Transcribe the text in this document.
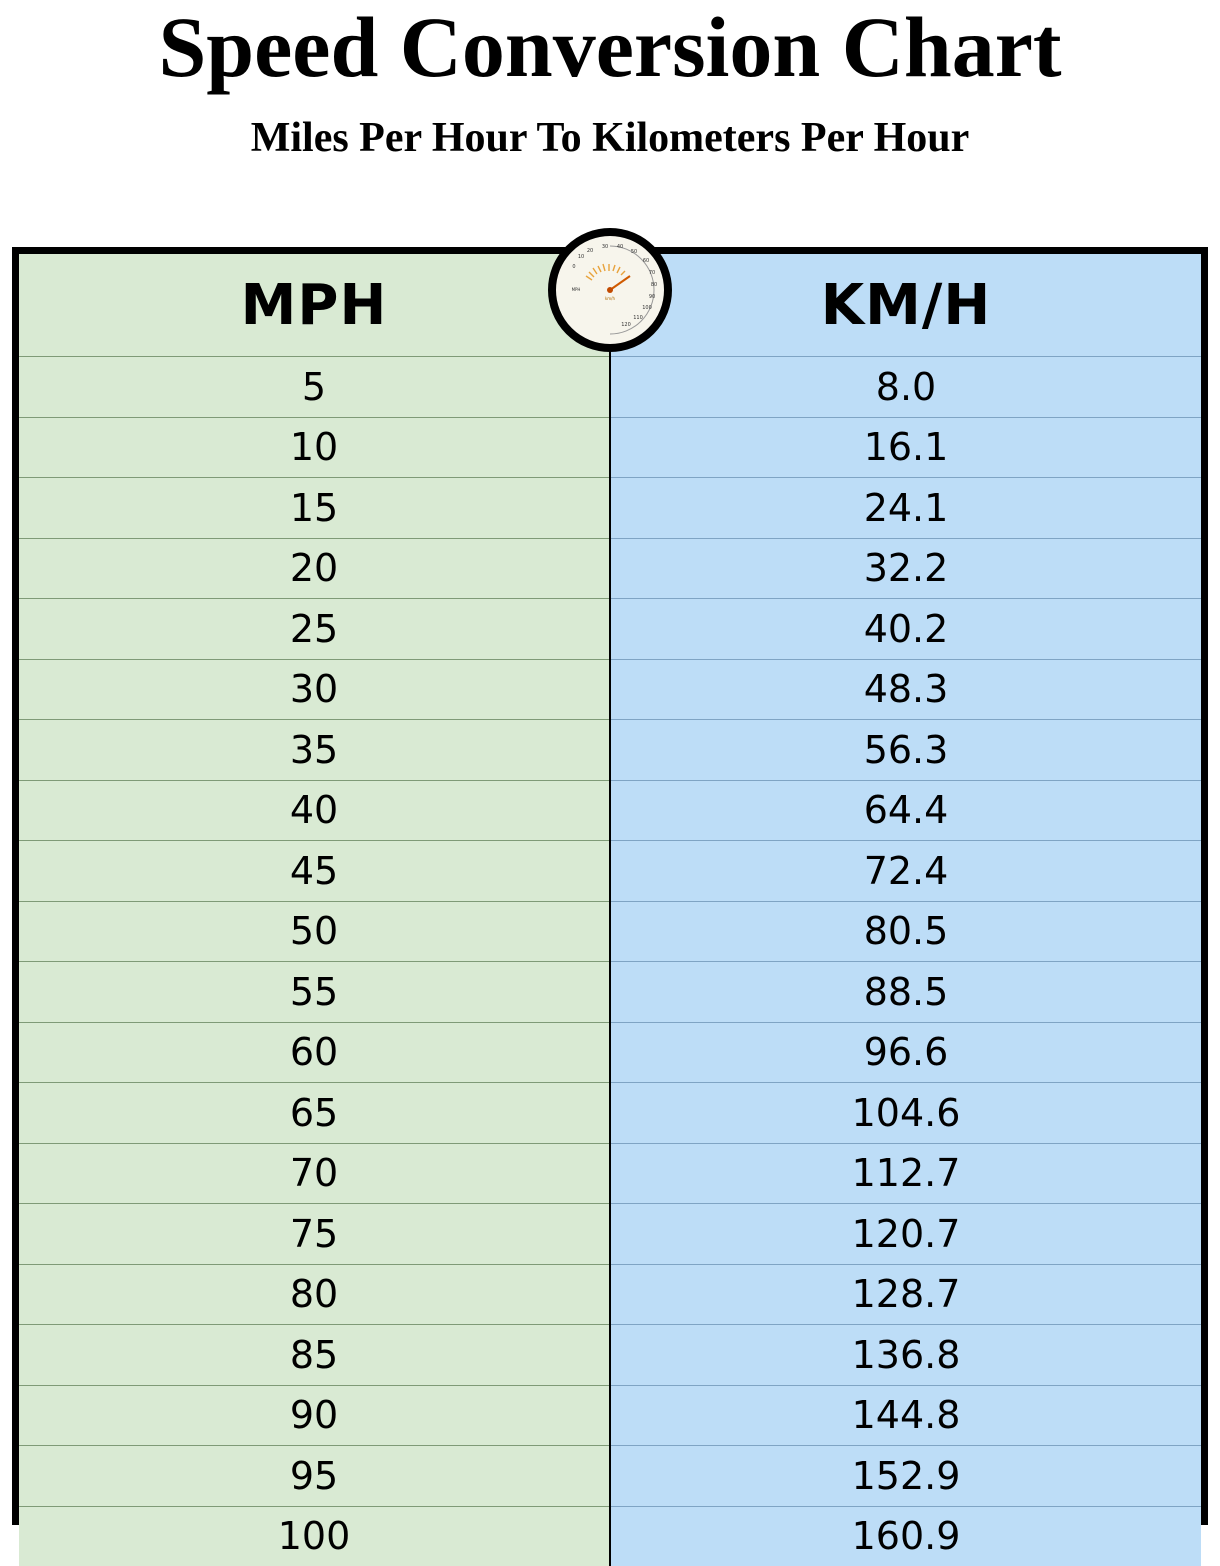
Speed Conversion Chart
Miles Per Hour To Kilometers Per Hour
MPH	KM/H
5	8.0
10	16.1
15	24.1
20	32.2
25	40.2
30	48.3
35	56.3
40	64.4
45	72.4
50	80.5
55	88.5
60	96.6
65	104.6
70	112.7
75	120.7
80	128.7
85	136.8
90	144.8
95	152.9
100	160.9
20
30 40
50
60
10
0
70
80
90
100
110
120
MPH
km/h
